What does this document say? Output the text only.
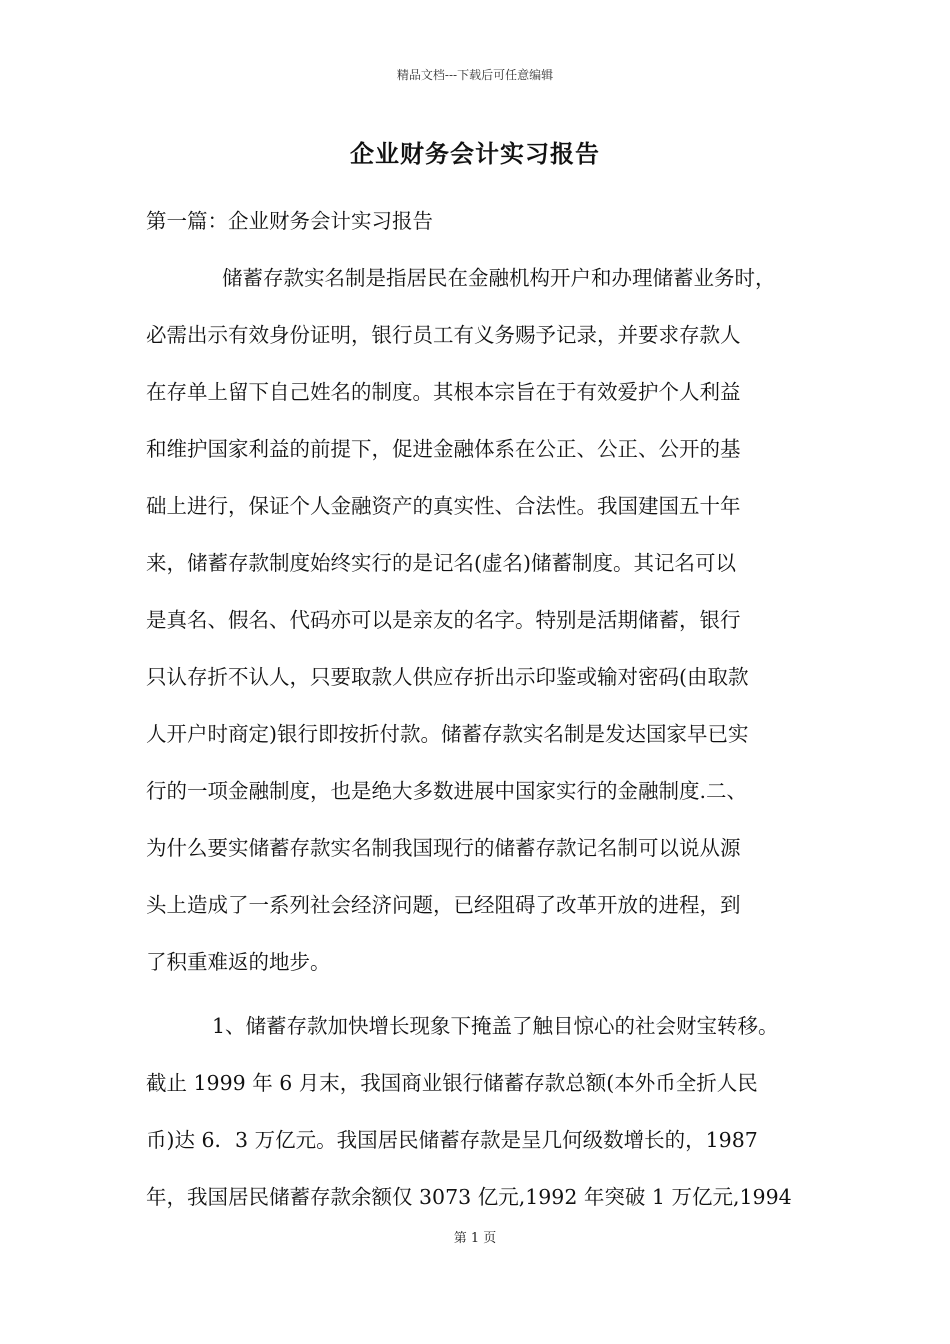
精品文档---下载后可任意编辑
企业财务会计实习报告
第一篇：企业财务会计实习报告
储蓄存款实名制是指居民在金融机构开户和办理储蓄业务时，
必需出示有效身份证明，银行员工有义务赐予记录，并要求存款人
在存单上留下自己姓名的制度。其根本宗旨在于有效爱护个人利益
和维护国家利益的前提下，促进金融体系在公正、公正、公开的基
础上进行，保证个人金融资产的真实性、合法性。我国建国五十年
来，储蓄存款制度始终实行的是记名(虚名)储蓄制度。其记名可以
是真名、假名、代码亦可以是亲友的名字。特别是活期储蓄，银行
只认存折不认人，只要取款人供应存折出示印鉴或输对密码(由取款
人开户时商定)银行即按折付款。储蓄存款实名制是发达国家早已实
行的一项金融制度，也是绝大多数进展中国家实行的金融制度.二、
为什么要实储蓄存款实名制我国现行的储蓄存款记名制可以说从源
头上造成了一系列社会经济问题，已经阻碍了改革开放的进程，到
了积重难返的地步。
1、储蓄存款加快增长现象下掩盖了触目惊心的社会财宝转移。
截止 1999 年 6 月末，我国商业银行储蓄存款总额(本外币全折人民
币)达 6．3 万亿元。我国居民储蓄存款是呈几何级数增长的，1987
年，我国居民储蓄存款余额仅 3073 亿元,1992 年突破 1 万亿元,1994
第 1 页
